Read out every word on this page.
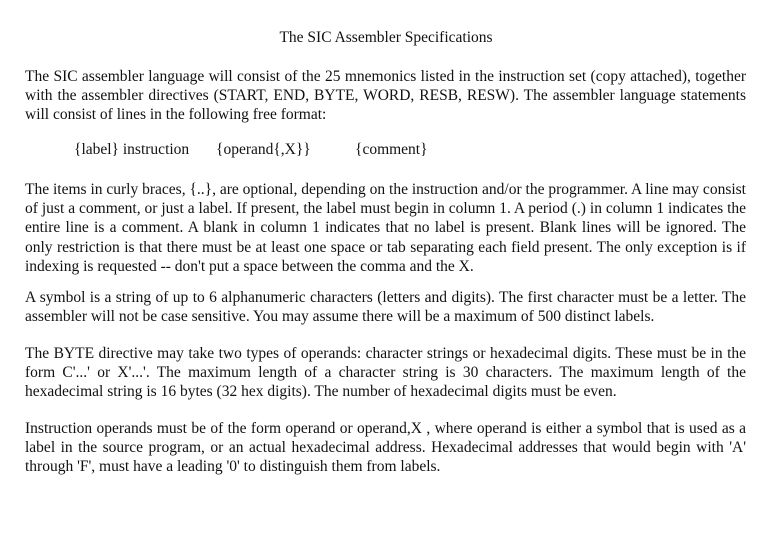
The SIC Assembler Specifications

The SIC assembler language will consist of the 25 mnemonics listed in the instruction set (copy attached), together with the assembler directives (START, END, BYTE, WORD, RESB, RESW). The assembler language statements will consist of lines in the following free format:

{label} instruction {operand{,X}}	{comment}

The items in curly braces, {..}, are optional, depending on the instruction and/or the programmer. A line may consist of just a comment, or just a label. If present, the label must begin in column 1. A period (.) in column 1 indicates the entire line is a comment. A blank in column 1 indicates that no label is present. Blank lines will be ignored. The only restriction is that there must be at least one space or tab separating each field present. The only exception is if indexing is requested -- don't put a space between the comma and the X.

A symbol is a string of up to 6 alphanumeric characters (letters and digits). The first character must be a letter. The assembler will not be case sensitive. You may assume there will be a maximum of 500 distinct labels.

The BYTE directive may take two types of operands: character strings or hexadecimal digits. These must be in the form C'...' or X'...'. The maximum length of a character string is 30 characters. The maximum length of the hexadecimal string is 16 bytes (32 hex digits). The number of hexadecimal digits must be even.

Instruction operands must be of the form operand or operand,X , where operand is either a symbol that is used as a label in the source program, or an actual hexadecimal address. Hexadecimal addresses that would begin with 'A' through 'F', must have a leading '0' to distinguish them from labels.
